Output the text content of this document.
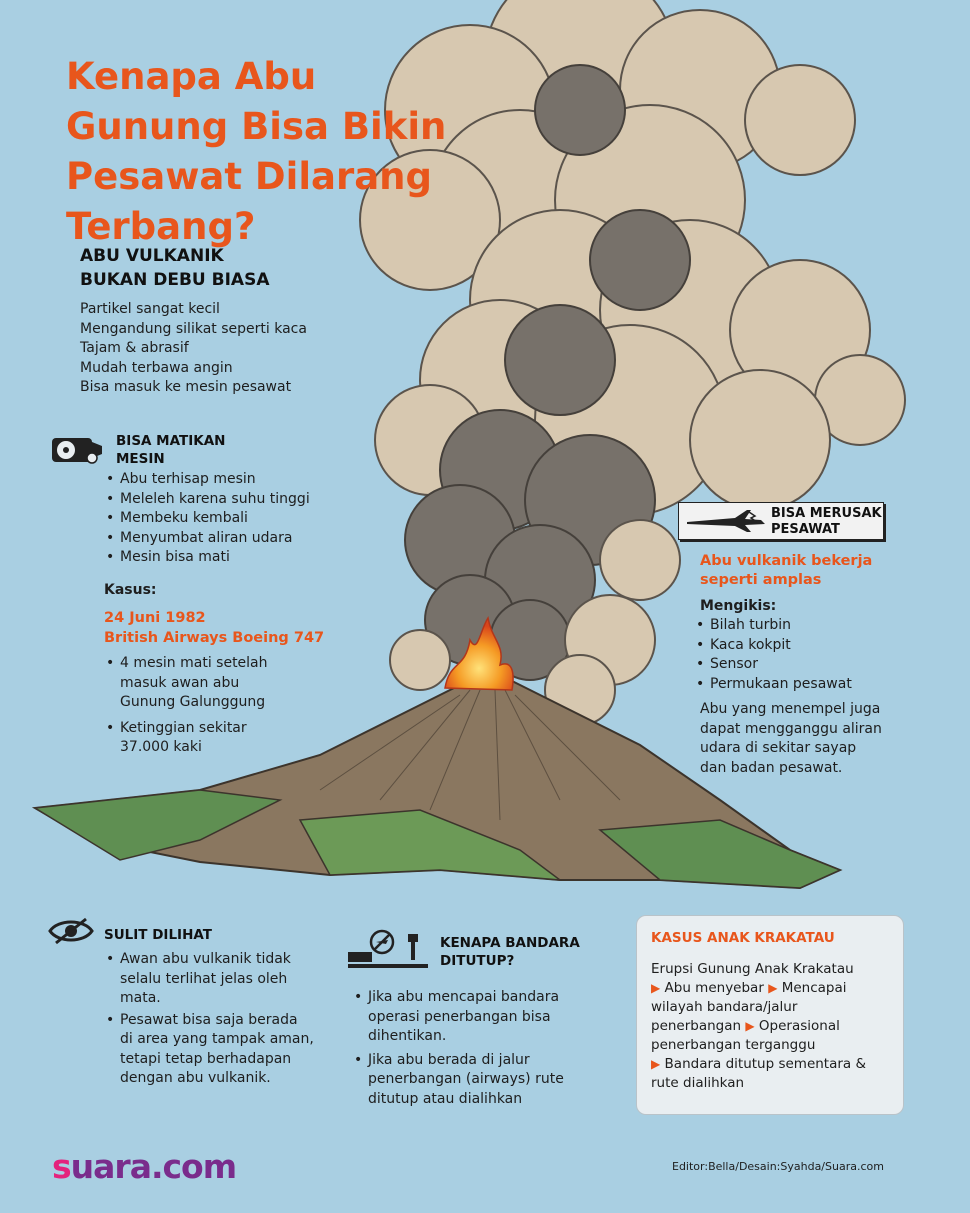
Kenapa Abu
Gunung Bisa Bikin
Pesawat Dilarang
Terbang?
ABU VULKANIK
BUKAN DEBU BIASA
Partikel sangat kecil
Mengandung silikat seperti kaca
Tajam & abrasif
Mudah terbawa angin
Bisa masuk ke mesin pesawat
BISA MATIKAN
MESIN
• Abu terhisap mesin
• Meleleh karena suhu tinggi
• Membeku kembali
• Menyumbat aliran udara
• Mesin bisa mati
Kasus:
24 Juni 1982
British Airways Boeing 747
• 4 mesin mati setelah masuk awan abu Gunung Galunggung
• Ketinggian sekitar 37.000 kaki
BISA MERUSAK
PESAWAT
Abu vulkanik bekerja
seperti amplas
Mengikis:
• Bilah turbin
• Kaca kokpit
• Sensor
• Permukaan pesawat
Abu yang menempel juga dapat mengganggu aliran udara di sekitar sayap dan badan pesawat.
SULIT DILIHAT
• Awan abu vulkanik tidak selalu terlihat jelas oleh mata.
• Pesawat bisa saja berada di area yang tampak aman, tetapi tetap berhadapan dengan abu vulkanik.
KENAPA BANDARA
DITUTUP?
• Jika abu mencapai bandara operasi penerbangan bisa dihentikan.
• Jika abu berada di jalur penerbangan (airways) rute ditutup atau dialihkan
KASUS ANAK KRAKATAU
Erupsi Gunung Anak Krakatau
▶ Abu menyebar ▶ Mencapai wilayah bandara/jalur penerbangan ▶ Operasional penerbangan terganggu
▶ Bandara ditutup sementara & rute dialihkan
suara.com	Editor:Bella/Desain:Syahda/Suara.com
